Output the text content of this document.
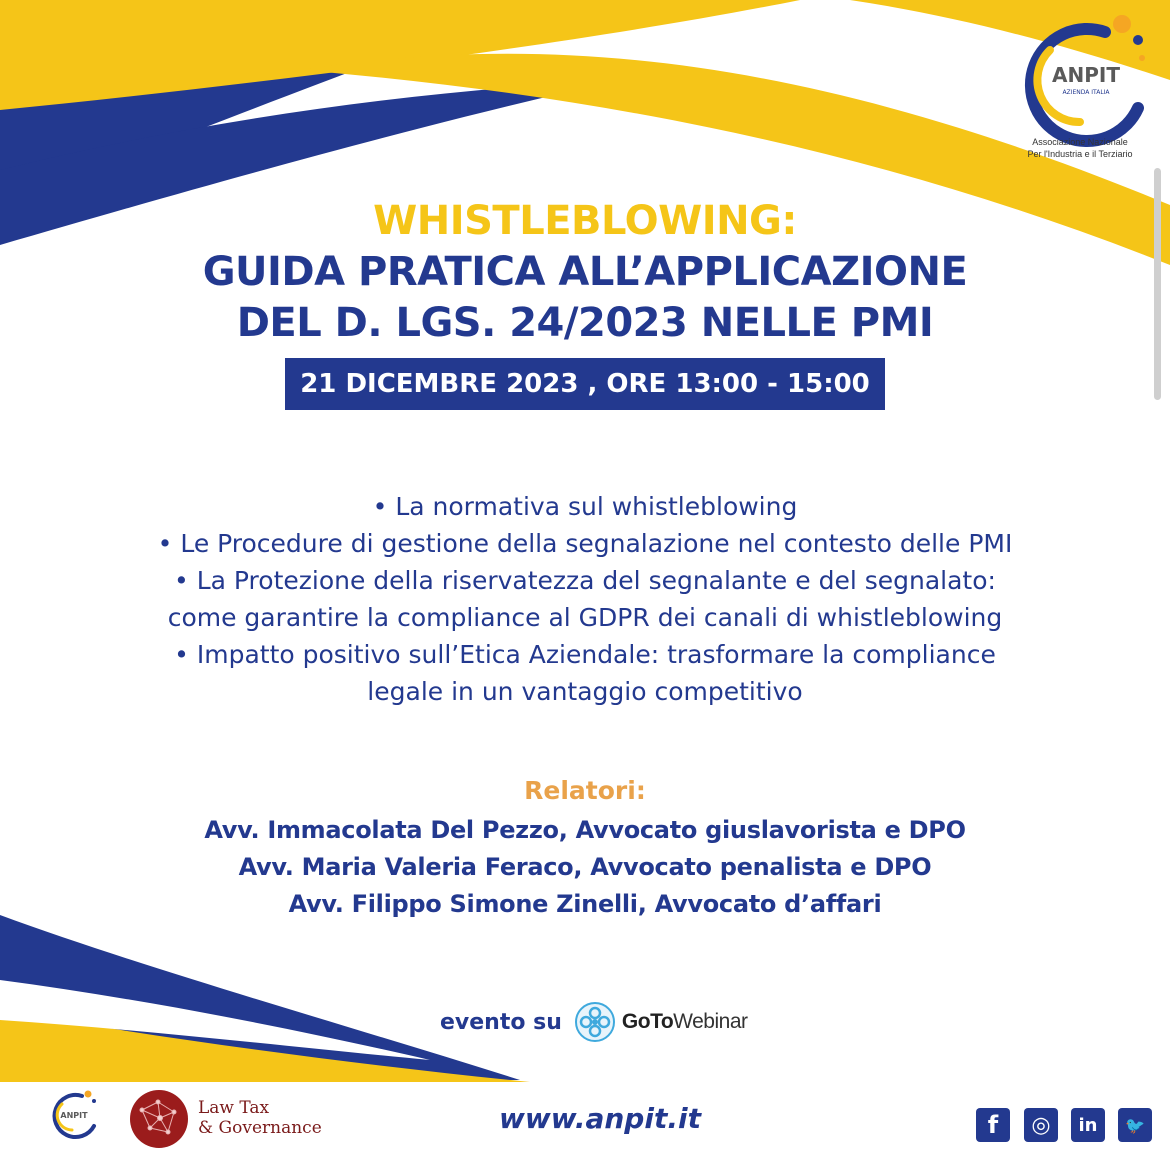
ANPIT
AZIENDA ITALIA
Associazione Nazionale
Per l'Industria e il Terziario
WHISTLEBLOWING:
GUIDA PRATICA ALL’APPLICAZIONE
DEL D. LGS. 24/2023 NELLE PMI
21 DICEMBRE 2023 , ORE 13:00 - 15:00
• La normativa sul whistleblowing
• Le Procedure di gestione della segnalazione nel contesto delle PMI
• La Protezione della riservatezza del segnalante e del segnalato:
come garantire la compliance al GDPR dei canali di whistleblowing
• Impatto positivo sull’Etica Aziendale: trasformare la compliance
legale in un vantaggio competitivo
Relatori:
Avv. Immacolata Del Pezzo, Avvocato giuslavorista e DPO
Avv. Maria Valeria Feraco, Avvocato penalista e DPO
Avv. Filippo Simone Zinelli, Avvocato d’affari
evento su	GoToWebinar
ANPIT	Law Tax
& Governance	www.anpit.it	f	◎	in	🐦
